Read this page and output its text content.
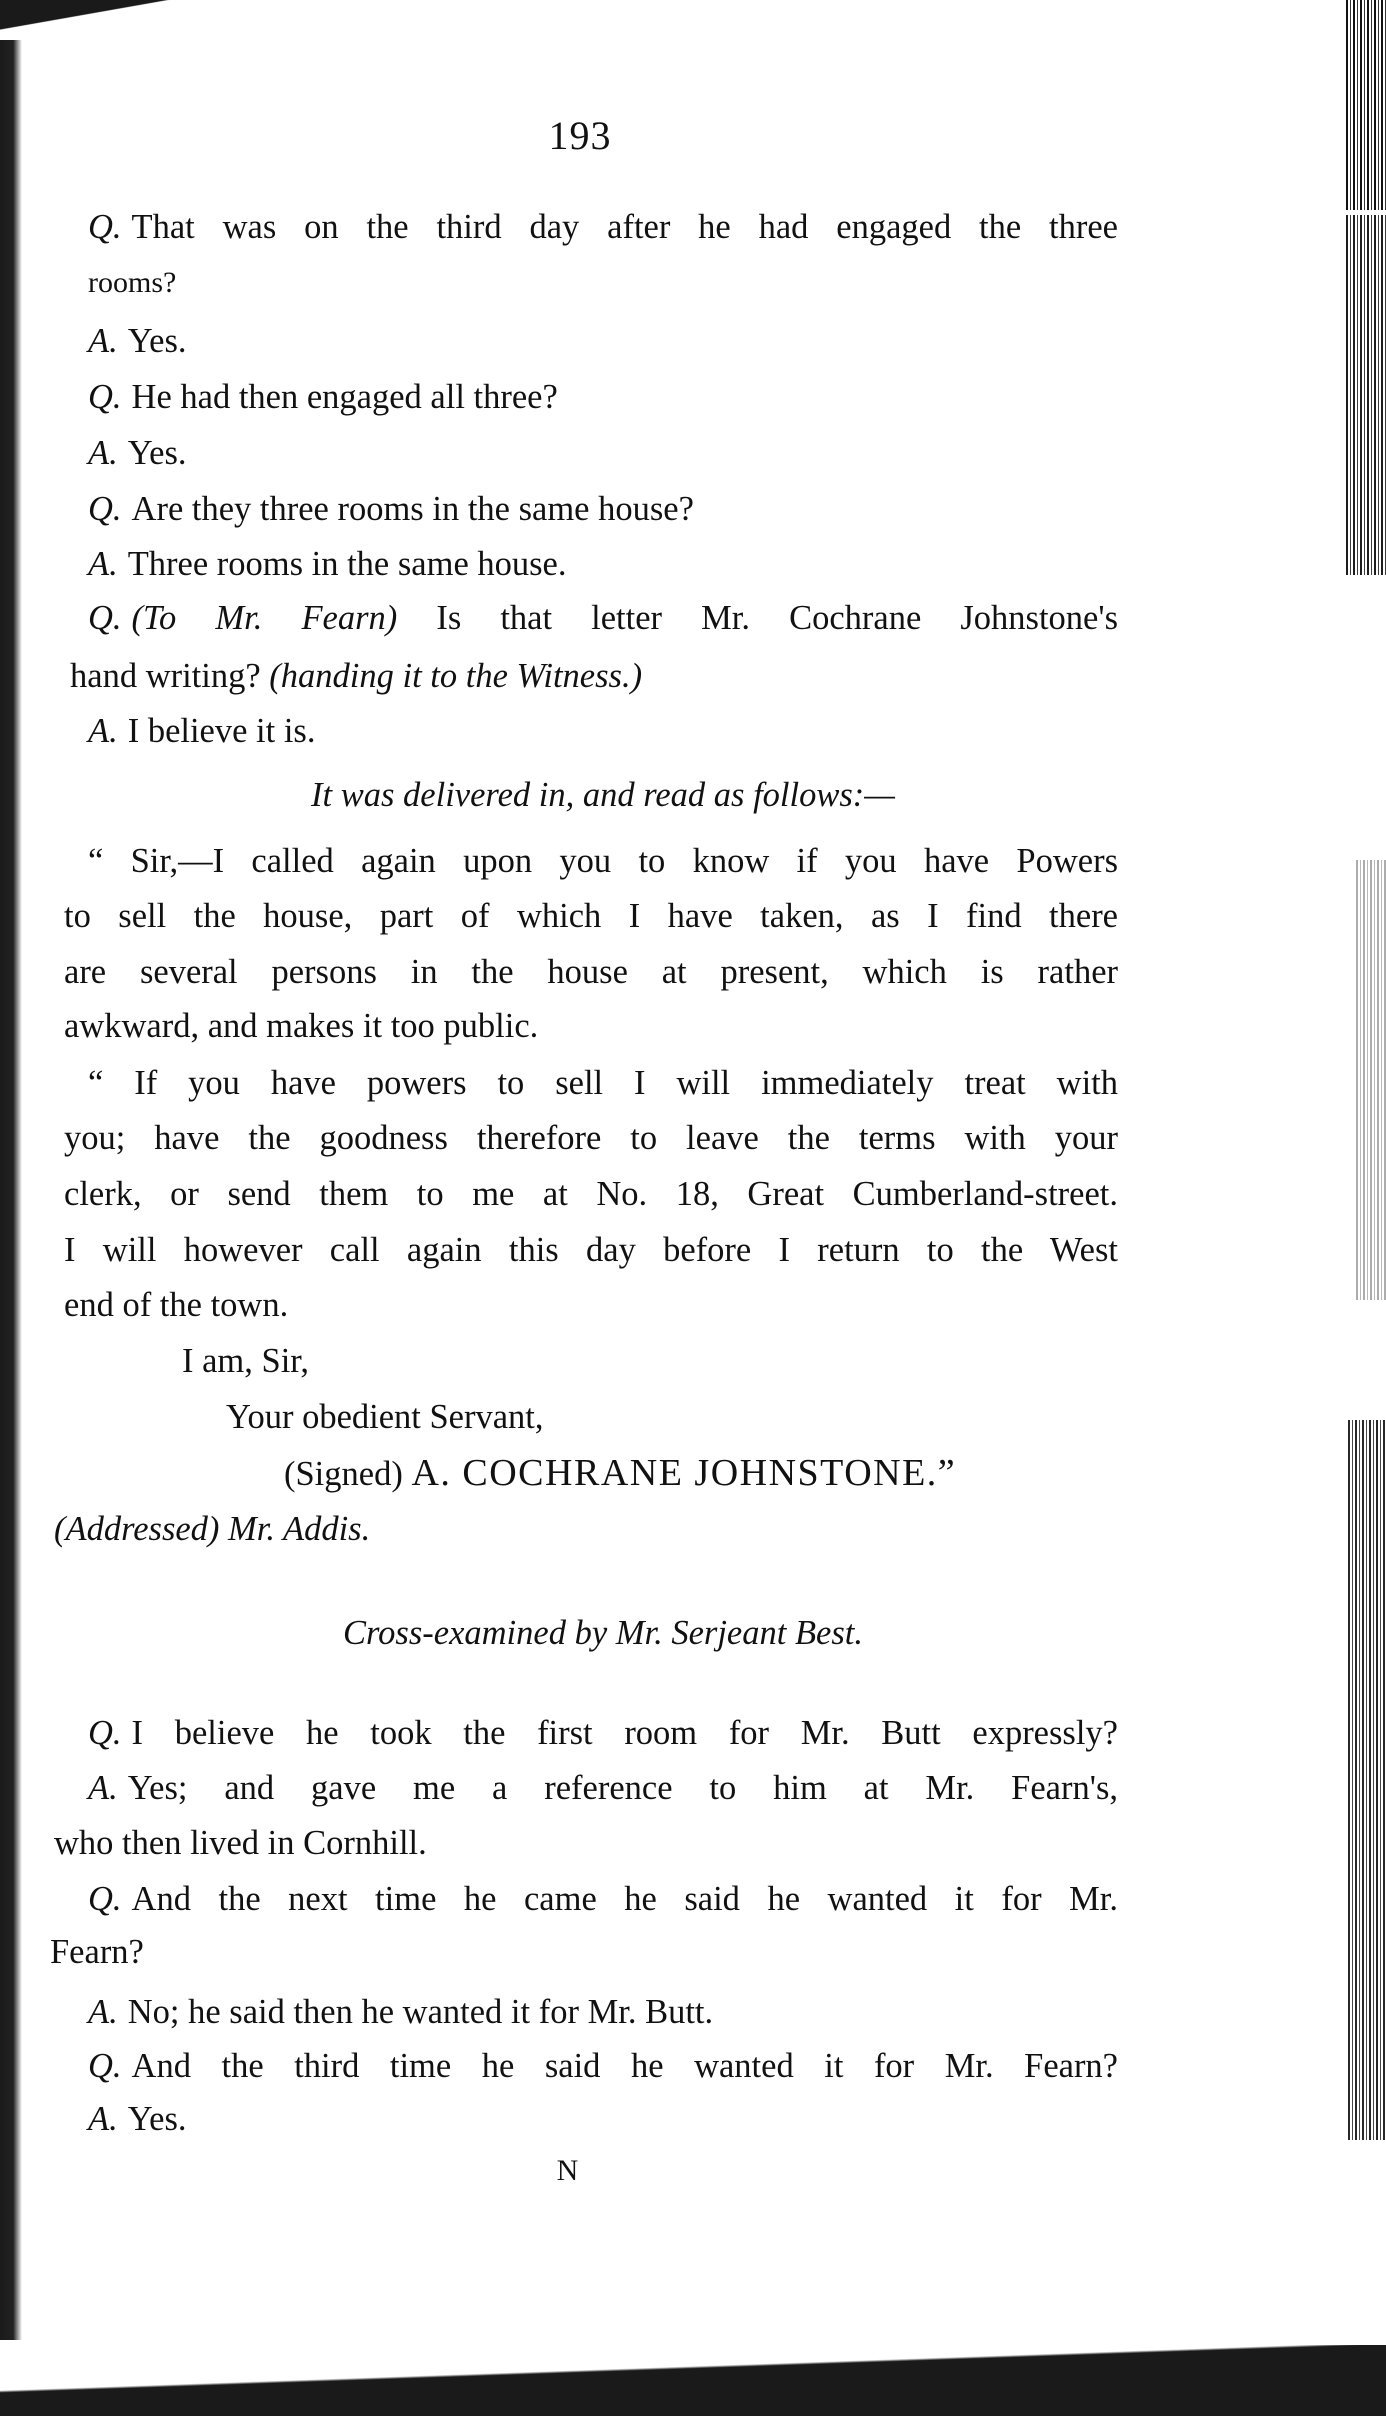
193
Q. That was on the third day after he had engaged the three
rooms?
A. Yes.
Q. He had then engaged all three?
A. Yes.
Q. Are they three rooms in the same house?
A. Three rooms in the same house.
Q. (To Mr. Fearn) Is that letter Mr. Cochrane Johnstone's
hand writing? (handing it to the Witness.)
A. I believe it is.
It was delivered in, and read as follows:—
“ Sir,—I called again upon you to know if you have Powers
to sell the house, part of which I have taken, as I find there
are several persons in the house at present, which is rather
awkward, and makes it too public.
“ If you have powers to sell I will immediately treat with
you; have the goodness therefore to leave the terms with your
clerk, or send them to me at No. 18, Great Cumberland-street.
I will however call again this day before I return to the West
end of the town.
I am, Sir,
Your obedient Servant,
(Signed) A. COCHRANE JOHNSTONE.”
(Addressed) Mr. Addis.
Cross-examined by Mr. Serjeant Best.
Q. I believe he took the first room for Mr. Butt expressly?
A. Yes; and gave me a reference to him at Mr. Fearn's,
who then lived in Cornhill.
Q. And the next time he came he said he wanted it for Mr.
Fearn?
A. No; he said then he wanted it for Mr. Butt.
Q. And the third time he said he wanted it for Mr. Fearn?
A. Yes.
N
